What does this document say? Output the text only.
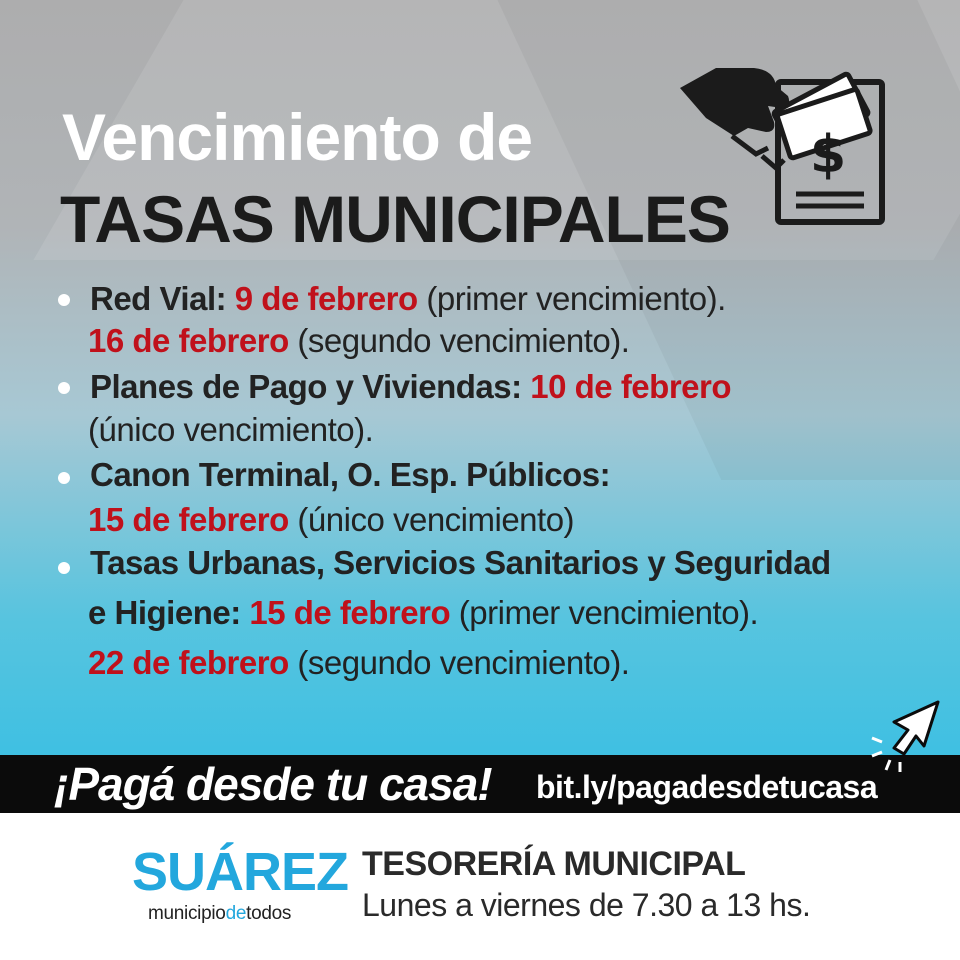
Vencimiento de
TASAS MUNICIPALES
$
Red Vial: 9 de febrero (primer vencimiento).
16 de febrero (segundo vencimiento).
Planes de Pago y Viviendas: 10 de febrero
(único vencimiento).
Canon Terminal, O. Esp. Públicos:
15 de febrero (único vencimiento)
Tasas Urbanas, Servicios Sanitarios y Seguridad
e Higiene: 15 de febrero (primer vencimiento).
22 de febrero (segundo vencimiento).
¡Pagá desde tu casa! bit.ly/pagadesdetucasa
SUÁREZ
municipiodetodos
TESORERÍA MUNICIPAL
Lunes a viernes de 7.30 a 13 hs.
